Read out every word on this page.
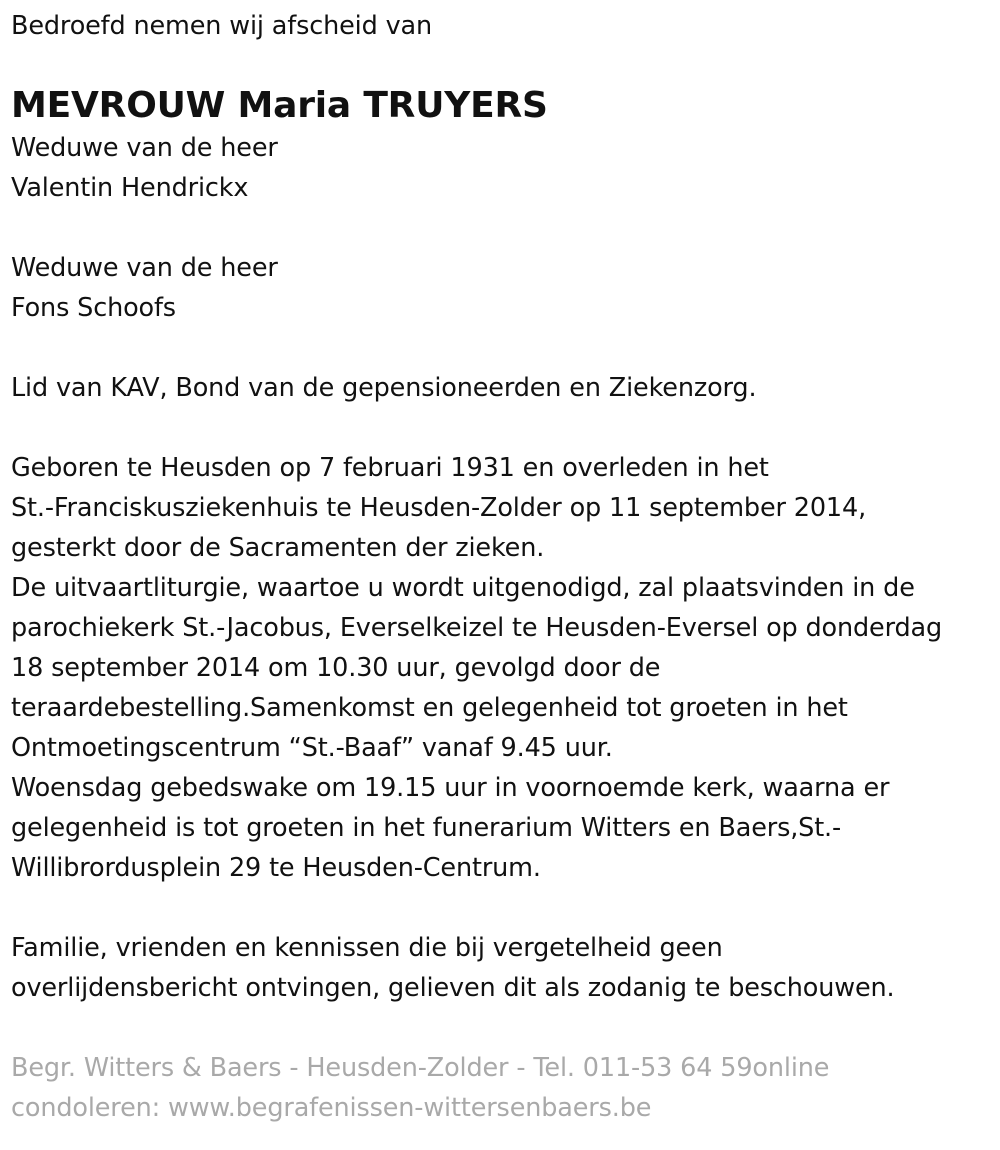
Bedroefd nemen wij afscheid van
MEVROUW Maria TRUYERS
Weduwe van de heer
Valentin Hendrickx
Weduwe van de heer
Fons Schoofs
Lid van KAV, Bond van de gepensioneerden en Ziekenzorg.
Geboren te Heusden op 7 februari 1931 en overleden in het
St.-Franciskusziekenhuis te Heusden-Zolder op 11 september 2014,
gesterkt door de Sacramenten der zieken.
De uitvaartliturgie, waartoe u wordt uitgenodigd, zal plaatsvinden in de
parochiekerk St.-Jacobus, Everselkeizel te Heusden-Eversel op donderdag
18 september 2014 om 10.30 uur, gevolgd door de
teraardebestelling.Samenkomst en gelegenheid tot groeten in het
Ontmoetingscentrum “St.-Baaf” vanaf 9.45 uur.
Woensdag gebedswake om 19.15 uur in voornoemde kerk, waarna er
gelegenheid is tot groeten in het funerarium Witters en Baers,St.-
Willibrordusplein 29 te Heusden-Centrum.
Familie, vrienden en kennissen die bij vergetelheid geen
overlijdensbericht ontvingen, gelieven dit als zodanig te beschouwen.
Begr. Witters & Baers - Heusden-Zolder - Tel. 011-53 64 59online
condoleren: www.begrafenissen-wittersenbaers.be
